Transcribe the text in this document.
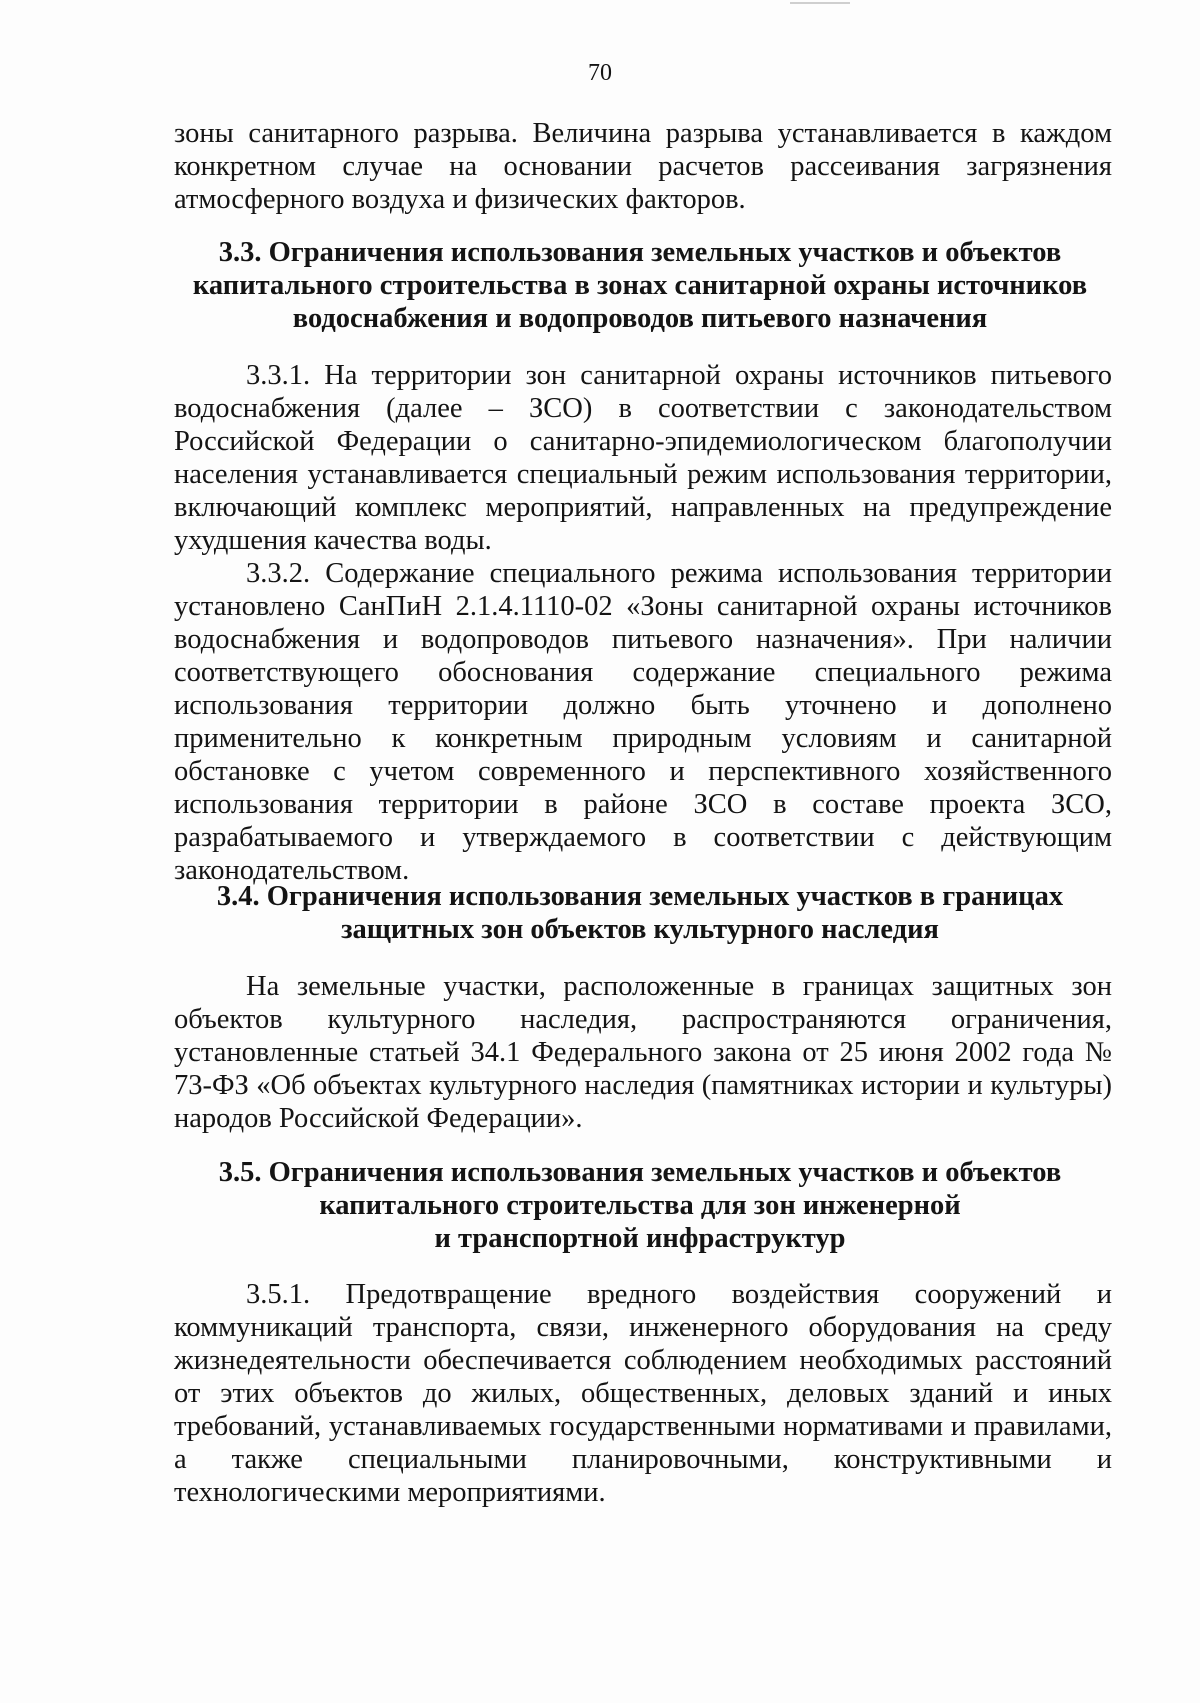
70

зоны санитарного разрыва. Величина разрыва устанавливается в каждом конкретном случае на основании расчетов рассеивания загрязнения атмосферного воздуха и физических факторов.

3.3. Ограничения использования земельных участков и объектов
капитального строительства в зонах санитарной охраны источников
водоснабжения и водопроводов питьевого назначения

3.3.1. На территории зон санитарной охраны источников питьевого водоснабжения (далее – ЗСО) в соответствии с законодательством Российской Федерации о санитарно-эпидемиологическом благополучии населения устанавливается специальный режим использования территории, включающий комплекс мероприятий, направленных на предупреждение ухудшения качества воды.

3.3.2. Содержание специального режима использования территории установлено СанПиН 2.1.4.1110-02 «Зоны санитарной охраны источников водоснабжения и водопроводов питьевого назначения». При наличии соответствующего обоснования содержание специального режима использования территории должно быть уточнено и дополнено применительно к конкретным природным условиям и санитарной обстановке с учетом современного и перспективного хозяйственного использования территории в районе ЗСО в составе проекта ЗСО, разрабатываемого и утверждаемого в соответствии с действующим законодательством.

3.4. Ограничения использования земельных участков в границах
защитных зон объектов культурного наследия

На земельные участки, расположенные в границах защитных зон объектов культурного наследия, распространяются ограничения, установленные статьей 34.1 Федерального закона от 25 июня 2002 года № 73-ФЗ «Об объектах культурного наследия (памятниках истории и культуры) народов Российской Федерации».

3.5. Ограничения использования земельных участков и объектов
капитального строительства для зон инженерной
и транспортной инфраструктур

3.5.1. Предотвращение вредного воздействия сооружений и коммуникаций транспорта, связи, инженерного оборудования на среду жизнедеятельности обеспечивается соблюдением необходимых расстояний от этих объектов до жилых, общественных, деловых зданий и иных требований, устанавливаемых государственными нормативами и правилами, а также специальными планировочными, конструктивными и технологическими мероприятиями.
